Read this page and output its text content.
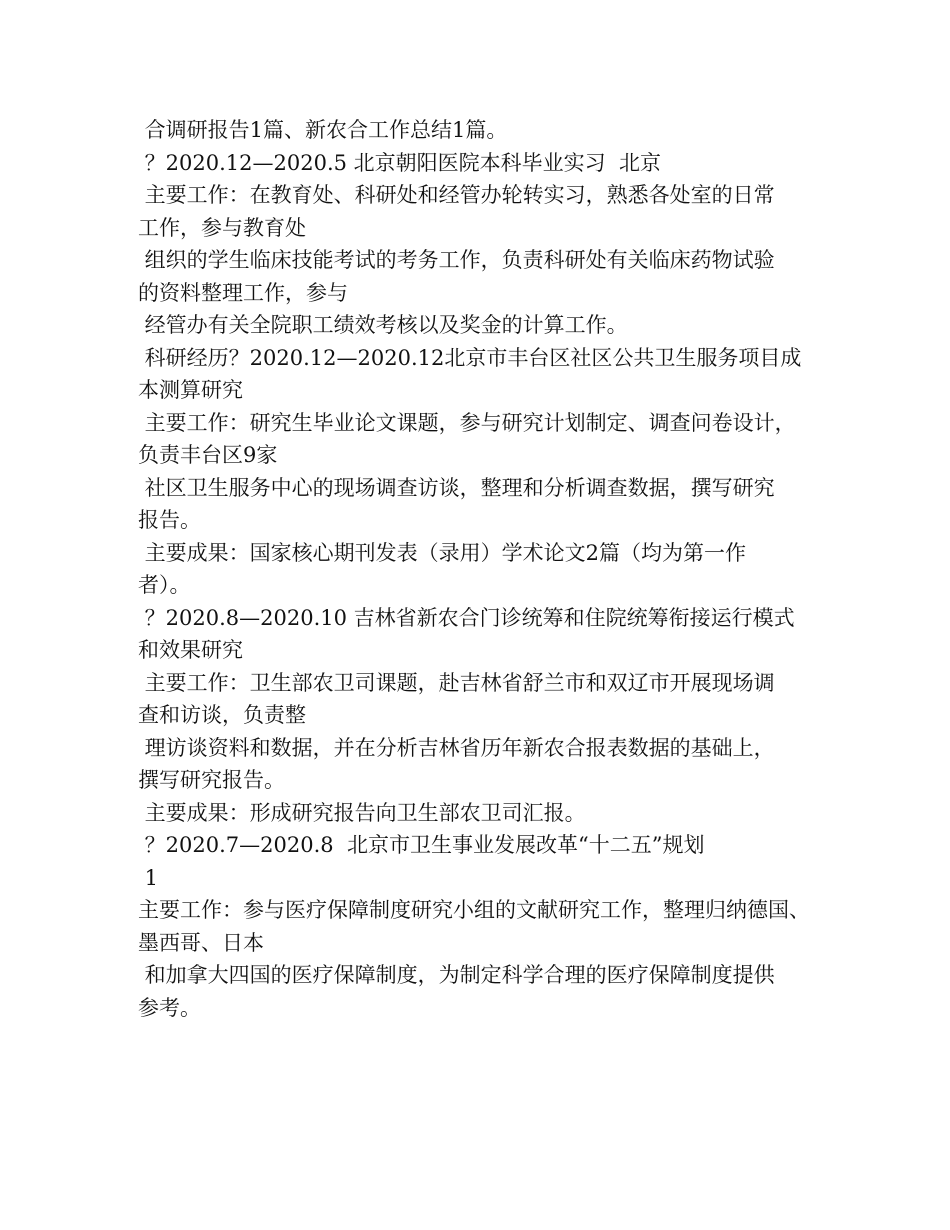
合调研报告1篇、新农合工作总结1篇。
？2020.12—2020.5 北京朝阳医院本科毕业实习  北京
主要工作：在教育处、科研处和经管办轮转实习，熟悉各处室的日常
工作，参与教育处
组织的学生临床技能考试的考务工作，负责科研处有关临床药物试验
的资料整理工作，参与
经管办有关全院职工绩效考核以及奖金的计算工作。
科研经历？2020.12—2020.12北京市丰台区社区公共卫生服务项目成
本测算研究
主要工作：研究生毕业论文课题，参与研究计划制定、调查问卷设计，
负责丰台区9家
社区卫生服务中心的现场调查访谈，整理和分析调查数据，撰写研究
报告。
主要成果：国家核心期刊发表（录用）学术论文2篇（均为第一作
者）。
？2020.8—2020.10 吉林省新农合门诊统筹和住院统筹衔接运行模式
和效果研究
主要工作：卫生部农卫司课题，赴吉林省舒兰市和双辽市开展现场调
查和访谈，负责整
理访谈资料和数据，并在分析吉林省历年新农合报表数据的基础上，
撰写研究报告。
主要成果：形成研究报告向卫生部农卫司汇报。
？2020.7—2020.8  北京市卫生事业发展改革“十二五”规划
1
主要工作：参与医疗保障制度研究小组的文献研究工作，整理归纳德国、
墨西哥、日本
和加拿大四国的医疗保障制度，为制定科学合理的医疗保障制度提供
参考。
